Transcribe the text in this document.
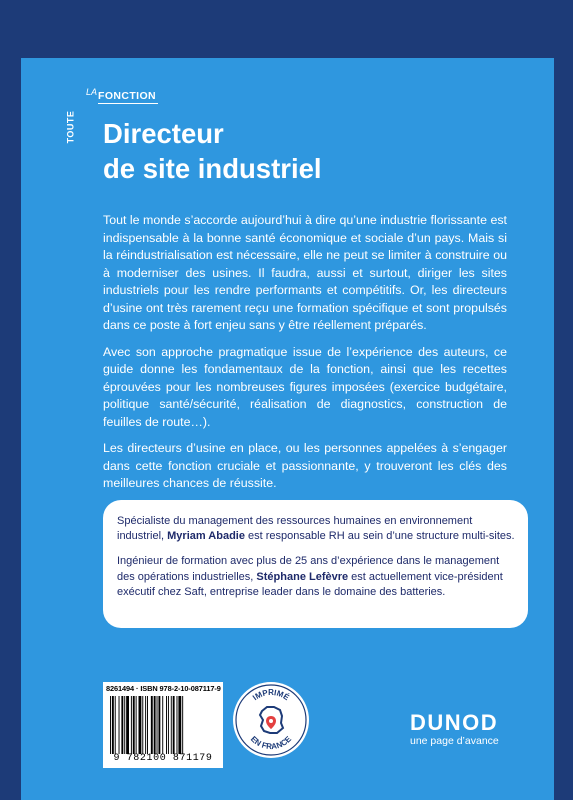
TOUTE
LA FONCTION
Directeur
de site industriel

Tout le monde s’accorde aujourd’hui à dire qu’une industrie florissante est indispensable à la bonne santé économique et sociale d’un pays. Mais si la réindustrialisation est nécessaire, elle ne peut se limiter à construire ou à moderniser des usines. Il faudra, aussi et surtout, diriger les sites industriels pour les rendre performants et compétitifs. Or, les directeurs d’usine ont très rarement reçu une formation spécifique et sont propulsés dans ce poste à fort enjeu sans y être réellement préparés.

Avec son approche pragmatique issue de l’expérience des auteurs, ce guide donne les fondamentaux de la fonction, ainsi que les recettes éprouvées pour les nombreuses figures imposées (exercice budgétaire, politique santé/sécurité, réalisation de diagnostics, construction de feuilles de route…).

Les directeurs d’usine en place, ou les personnes appelées à s’engager dans cette fonction cruciale et passionnante, y trouveront les clés des meilleures chances de réussite.

Spécialiste du management des ressources humaines en environnement industriel, Myriam Abadie est responsable RH au sein d’une structure multi-sites.

Ingénieur de formation avec plus de 25 ans d’expérience dans le management des opérations industrielles, Stéphane Lefèvre est actuellement vice-président exécutif chez Saft, entreprise leader dans le domaine des batteries.

8261494 · ISBN 978-2-10-087117-9
9 782100 871179
IMPRIMÉ
EN FRANCE
DUNOD
une page d’avance
